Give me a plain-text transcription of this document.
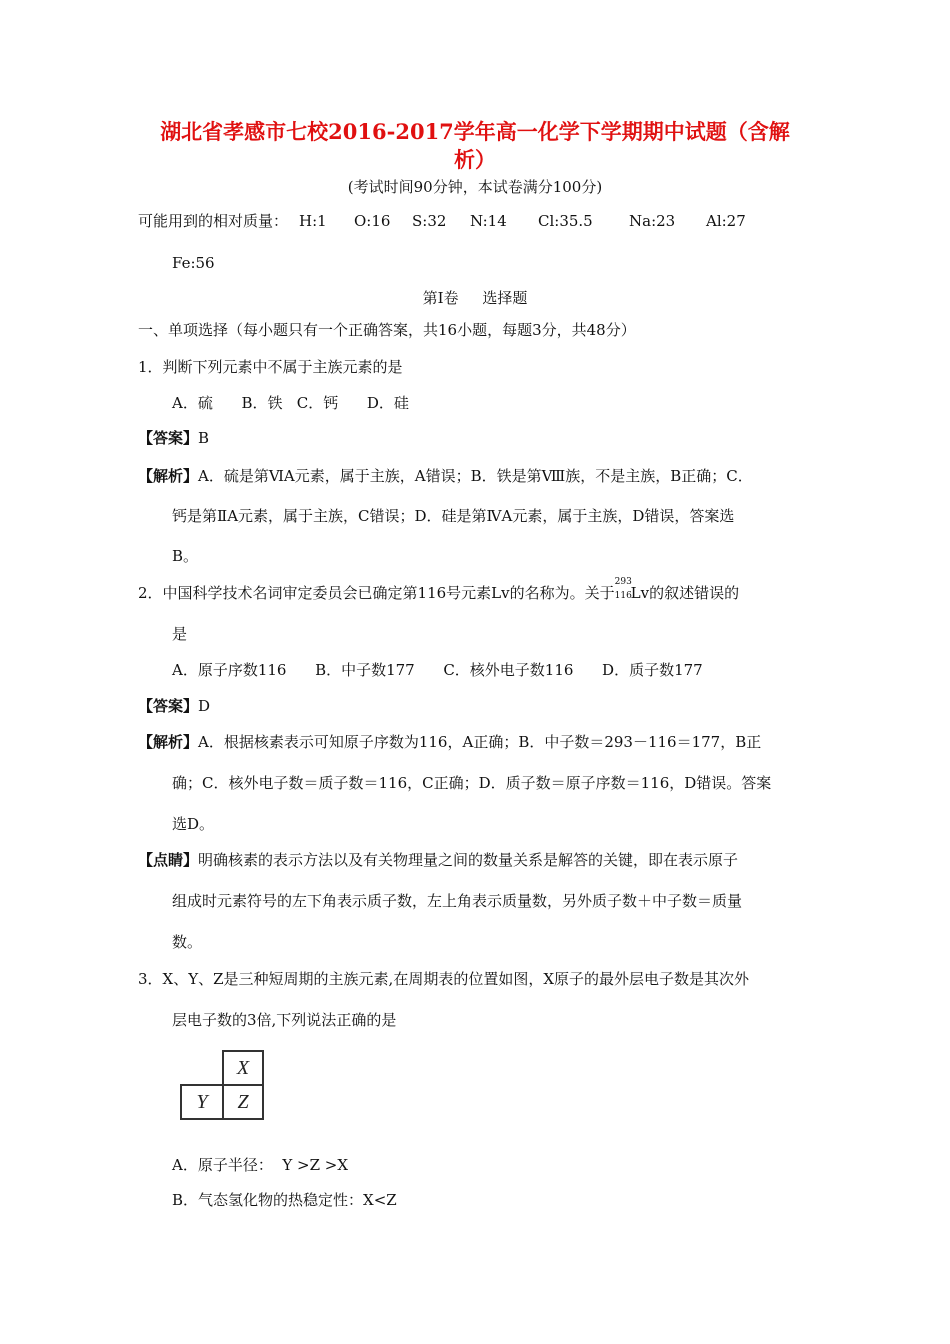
湖北省孝感市七校2016-2017学年高一化学下学期期中试题（含解
析）
(考试时间90分钟，本试卷满分100分)
可能用到的相对质量： H:1 O:16 S:32 N:14 Cl:35.5 Na:23 Al:27
Fe:56
第Ⅰ卷     选择题
一、单项选择（每小题只有一个正确答案，共16小题，每题3分，共48分）
1．判断下列元素中不属于主族元素的是
A．硫      B．铁   C．钙      D．硅
【答案】B
【解析】A．硫是第ⅥA元素，属于主族，A错误；B．铁是第Ⅷ族，不是主族，B正确；C．
钙是第ⅡA元素，属于主族，C错误；D．硅是第ⅣA元素，属于主族，D错误，答案选
B。
2．中国科学技术名词审定委员会已确定第116号元素Lv的名称为。关于
293
116
Lv的叙述错误的
是
A．原子序数116      B．中子数177      C．核外电子数116      D．质子数177
【答案】D
【解析】A．根据核素表示可知原子序数为116，A正确；B．中子数＝293－116＝177，B正
确；C．核外电子数＝质子数＝116，C正确；D．质子数＝原子序数＝116，D错误。答案
选D。
【点睛】明确核素的表示方法以及有关物理量之间的数量关系是解答的关键，即在表示原子
组成时元素符号的左下角表示质子数，左上角表示质量数，另外质子数＋中子数＝质量
数。
3．X、Y、Z是三种短周期的主族元素,在周期表的位置如图，X原子的最外层电子数是其次外
层电子数的3倍,下列说法正确的是
X
Y	Z
A．原子半径：  Y >Z >X
B．气态氢化物的热稳定性：X<Z
